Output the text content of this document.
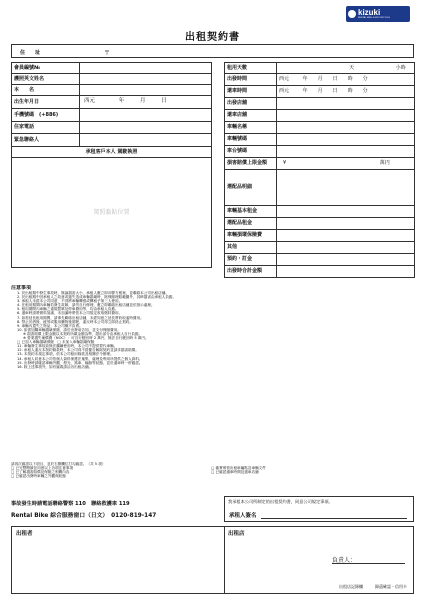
kizuki
RENTAL BIKE & MOTORCYCLE
出租契約書
住　　址	〒
會員編號№	
護照英文姓名	
本　　名	
出生年月日	西元 年 月 日
手機號碼　(+886)	
住家電話	
緊急聯絡人	
承租客戶本人 駕駛執照	
駕照黏貼位置	
租用天數	天 小時
出發時間	西元 年　　月　　日　　時　　分
還車時間	西元 年　　月　　日　　時　　分
出發店舖	
還車店舖	
車輛名稱	
車輛號碼	
車台號碼	
損害賠償上限金額	¥ 萬円
選配品明細	
車輛基本租金	
選配品租金	
車輛損壞保險費	
其他	
預約・訂金	
出發時合計金額	

注意事項

1. 於出租期中發生事故時，無論損害大小，承租人應立即向警方報案，並聯絡本公司出租店舖。

2. 於出租期中因承租人之故意或過失造成車輛損壞時，除保險理賠範圍外，其餘損害由承租人負擔。

3. 承租人未經本公司同意，不得將車輛轉借或轉租予第三人使用。

4. 在租用期間內車輛若發生故障，請勿自行修理，應立即聯絡出租店舖並依指示處理。

5. 租用期間內車輛之違規罰單及停車費用等，均由承租人負擔。

6. 還車時請將燃料加滿，未加滿時將依本公司規定收取燃料費用。

7. 如需延長租用期間，請事先聯絡出租店舖，未經同意之延長將收取逾時費用。

8. 禁止於酒後、疲勞或服用藥物後駕駛，違反時本公司得立即終止契約。

9. 車輛內遺失之物品，本公司概不負責。

10. 如需加購車輛損壞保險，請於出發前告知，並支付保險費用。

※ 損害賠償上限金額以本契約所載金額為準，超出部分由承租人自行負擔。

※ 營業損失補償費（NOC）：可自行駛回時 2 萬円，無法自行駛回時 5 萬円。

□ 已加入車輛損壞保險　□ 未加入車輛損壞保險

11. 車輛發生事故致無法繼續使用時，本公司不提供替代車輛。

12. 承租人違反本契約條款時，本公司得不經催告解除契約並請求損害賠償。

13. 本契約未規定事項，依本公司租用條款及相關法令辦理。

14. 承租人同意本公司依個人資料保護法蒐集、處理及利用所提供之個人資料。

15. 出發時請確認車輛外觀、燈光、煞車、輪胎等狀態，並於還車時一併確認。

16. 除上述事項外，如有疑義請洽各出租店舖。

請再次確認以下項目，並於右側欄位打勾確認。（共 5 項）

□ 已完整閱讀並同意以上各項注意事項

□ 已了解損害賠償及保險之相關內容

□ 已確認出發時車輛之外觀與狀態

□ 確實保管出租車鑰匙及車輛文件

□ 已確認還車時間及還車店舖

事故發生時請電話聯絡警察 110　聯絡救護車 119
Rental Bike 綜合服務窗口（日文）　0120-819-147
我承租本公司所制定的出租契約書，同意公司規定事項。
承租人簽名
出租者	出租店
負責人：
出租店記錄欄　　　歸還確認・信用卡
